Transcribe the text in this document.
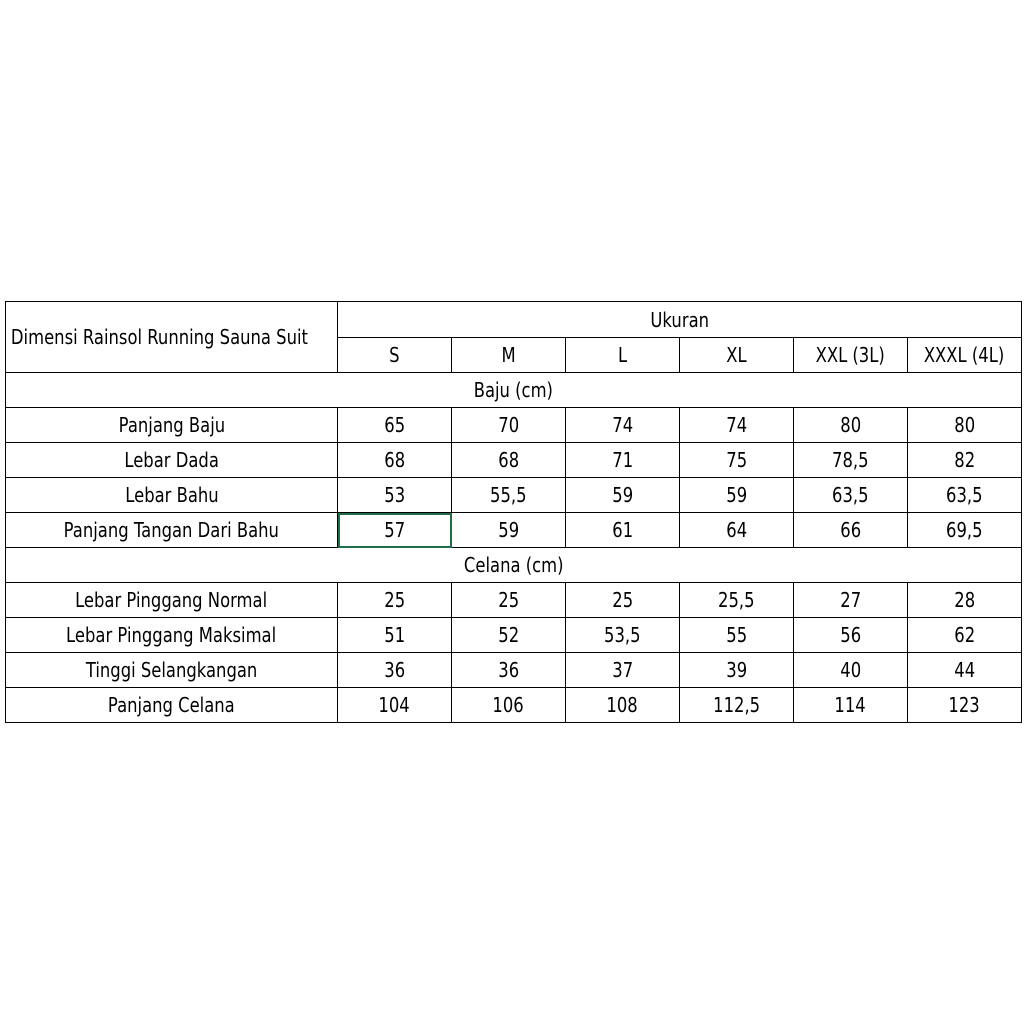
Dimensi Rainsol Running Sauna Suit	Ukuran					
	S	M	L	XL	XXL (3L)	XXXL (4L)
Baju (cm)						
Panjang Baju	65	70	74	74	80	80
Lebar Dada	68	68	71	75	78,5	82
Lebar Bahu	53	55,5	59	59	63,5	63,5
Panjang Tangan Dari Bahu	57	59	61	64	66	69,5
Celana (cm)						
Lebar Pinggang Normal	25	25	25	25,5	27	28
Lebar Pinggang Maksimal	51	52	53,5	55	56	62
Tinggi Selangkangan	36	36	37	39	40	44
Panjang Celana	104	106	108	112,5	114	123
